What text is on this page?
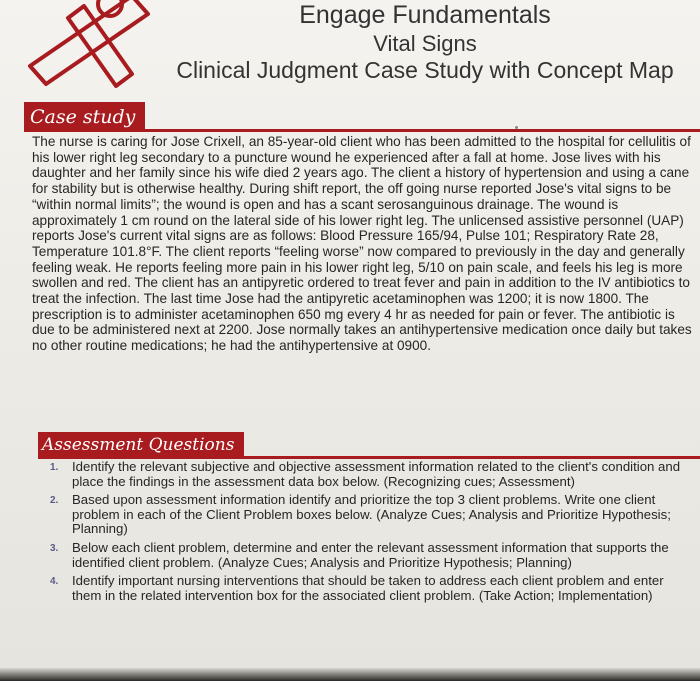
Engage Fundamentals
Vital Signs
Clinical Judgment Case Study with Concept Map
Case study

The nurse is caring for Jose Crixell, an 85-year-old client who has been admitted to the hospital for cellulitis of his lower right leg secondary to a puncture wound he experienced after a fall at home. Jose lives with his daughter and her family since his wife died 2 years ago. The client a history of hypertension and using a cane for stability but is otherwise healthy. During shift report, the off going nurse reported Jose's vital signs to be “within normal limits”; the wound is open and has a scant serosanguinous drainage. The wound is approximately 1 cm round on the lateral side of his lower right leg. The unlicensed assistive personnel (UAP) reports Jose's current vital signs are as follows: Blood Pressure 165/94, Pulse 101; Respiratory Rate 28, Temperature 101.8°F. The client reports “feeling worse” now compared to previously in the day and generally feeling weak. He reports feeling more pain in his lower right leg, 5/10 on pain scale, and feels his leg is more swollen and red. The client has an antipyretic ordered to treat fever and pain in addition to the IV antibiotics to treat the infection. The last time Jose had the antipyretic acetaminophen was 1200; it is now 1800. The prescription is to administer acetaminophen 650 mg every 4 hr as needed for pain or fever. The antibiotic is due to be administered next at 2200. Jose normally takes an antihypertensive medication once daily but takes no other routine medications; he had the antihypertensive at 0900.

Assessment Questions
1. Identify the relevant subjective and objective assessment information related to the client's condition and place the findings in the assessment data box below. (Recognizing cues; Assessment)
2. Based upon assessment information identify and prioritize the top 3 client problems. Write one client problem in each of the Client Problem boxes below. (Analyze Cues; Analysis and Prioritize Hypothesis; Planning)
3. Below each client problem, determine and enter the relevant assessment information that supports the identified client problem. (Analyze Cues; Analysis and Prioritize Hypothesis; Planning)
4. Identify important nursing interventions that should be taken to address each client problem and enter them in the related intervention box for the associated client problem. (Take Action; Implementation)
